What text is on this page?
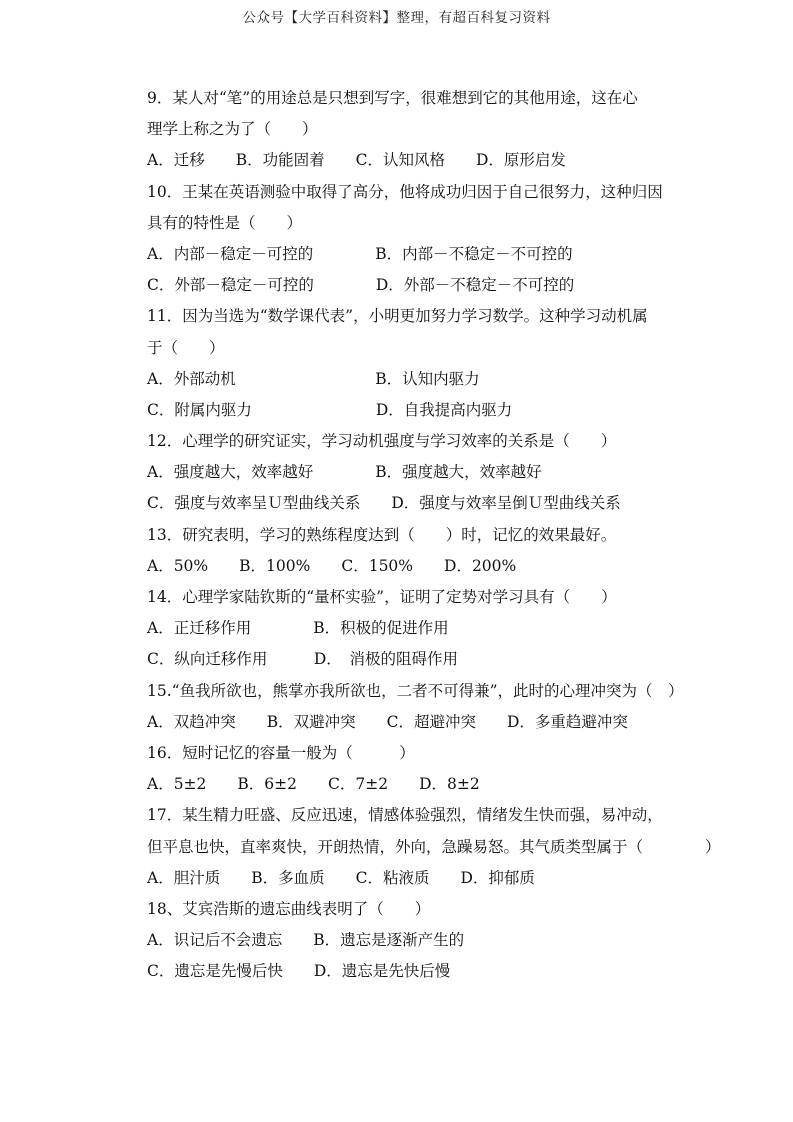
公众号【大学百科资料】整理，有超百科复习资料
9．某人对“笔”的用途总是只想到写字，很难想到它的其他用途，这在心
理学上称之为了（　　）
A．迁移　　B．功能固着　　C．认知风格　　D．原形启发
10．王某在英语测验中取得了高分，他将成功归因于自己很努力，这种归因
具有的特性是（　　）
A．内部－稳定－可控的　　　　B．内部－不稳定－不可控的
C．外部－稳定－可控的　　　　D．外部－不稳定－不可控的
11．因为当选为“数学课代表”，小明更加努力学习数学。这种学习动机属
于（　　）
A．外部动机　　　　　　　　　B．认知内驱力
C．附属内驱力　　　　　　　　D．自我提高内驱力
12．心理学的研究证实，学习动机强度与学习效率的关系是（　　）
A．强度越大，效率越好　　　　B．强度越大，效率越好
C．强度与效率呈Ｕ型曲线关系　　D．强度与效率呈倒Ｕ型曲线关系
13．研究表明，学习的熟练程度达到（　　）时，记忆的效果最好。
A．50%　　B．100%　　C．150%　　D．200%
14．心理学家陆钦斯的“量杯实验”，证明了定势对学习具有（　　）
A．正迁移作用　　　　B．积极的促进作用
C．纵向迁移作用　　　D．　消极的阻碍作用
15.“鱼我所欲也，熊掌亦我所欲也，二者不可得兼”，此时的心理冲突为（　）
A．双趋冲突　　B．双避冲突　　C．超避冲突　　D．多重趋避冲突
16．短时记忆的容量一般为（　　　）
A．5±2　　B．6±2　　C．7±2　　D．8±2
17．某生精力旺盛、反应迅速，情感体验强烈，情绪发生快而强，易冲动，
但平息也快，直率爽快，开朗热情，外向，急躁易怒。其气质类型属于（　　　　）
A．胆汁质　　B．多血质　　C．粘液质　　D．抑郁质
18、艾宾浩斯的遗忘曲线表明了（　　）
A．识记后不会遗忘　　B．遗忘是逐渐产生的
C．遗忘是先慢后快　　D．遗忘是先快后慢
